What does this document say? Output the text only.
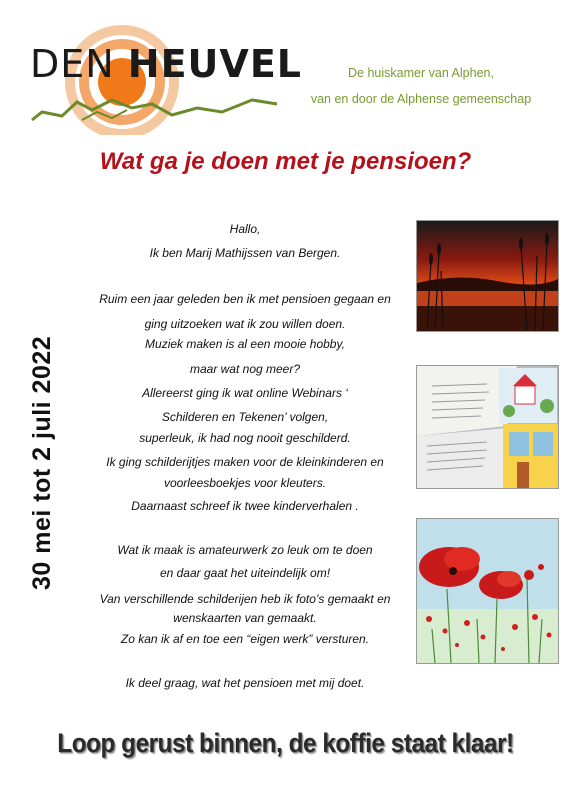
DEN HEUVEL	De huiskamer van Alphen,
van en door de Alphense gemeenschap
Wat ga je doen met je pensioen?
30 mei tot 2 juli 2022
Hallo,
Ik ben Marij Mathijssen van Bergen.
Ruim een jaar geleden ben ik met pensioen gegaan en
ging uitzoeken wat ik zou willen doen.
Muziek maken is al een mooie hobby,
maar wat nog meer?
Allereerst ging ik wat online Webinars ‘
Schilderen en Tekenen’ volgen,
superleuk, ik had nog nooit geschilderd.
Ik ging schilderijtjes maken voor de kleinkinderen en
voorleesboekjes voor kleuters.
Daarnaast schreef ik twee kinderverhalen .
Wat ik maak is amateurwerk zo leuk om te doen
en daar gaat het uiteindelijk om!
Van verschillende schilderijen heb ik foto’s gemaakt en
wenskaarten van gemaakt.
Zo kan ik af en toe een “eigen werk” versturen.
Ik deel graag, wat het pensioen met mij doet.
Loop gerust binnen, de koffie staat klaar!
